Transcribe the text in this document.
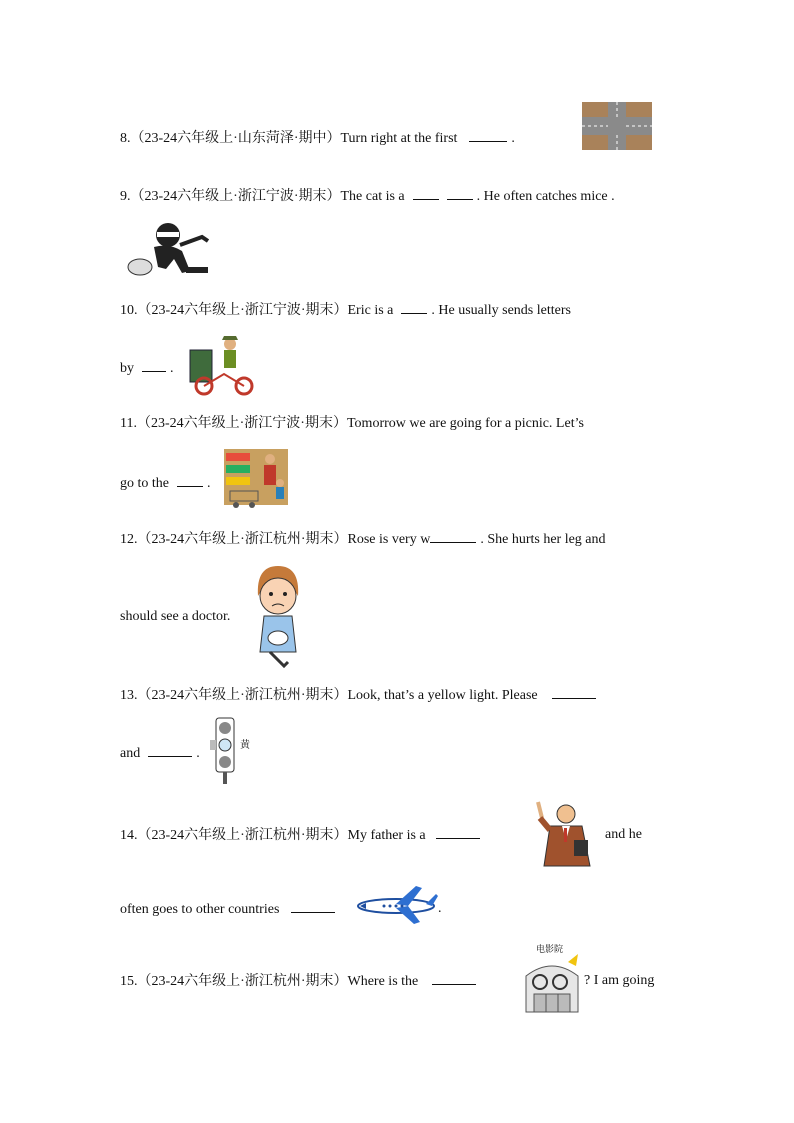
8.（23-24六年级上·山东菏泽·期中）Turn right at the first	.
9.（23-24六年级上·浙江宁波·期末）The cat is a	. He often catches mice .
10.（23-24六年级上·浙江宁波·期末）Eric is a	. He usually sends letters
by	.
11.（23-24六年级上·浙江宁波·期末）Tomorrow we are going for a picnic. Let’s
go to the	.
12.（23-24六年级上·浙江杭州·期末）Rose is very w	. She hurts her leg and
should see a doctor.
13.（23-24六年级上·浙江杭州·期末）Look, that’s a yellow light. Please
and	.
黄
14.（23-24六年级上·浙江杭州·期末）My father is a	and he
often goes to other countries	.
15.（23-24六年级上·浙江杭州·期末）Where is the	? I am going
电影院
